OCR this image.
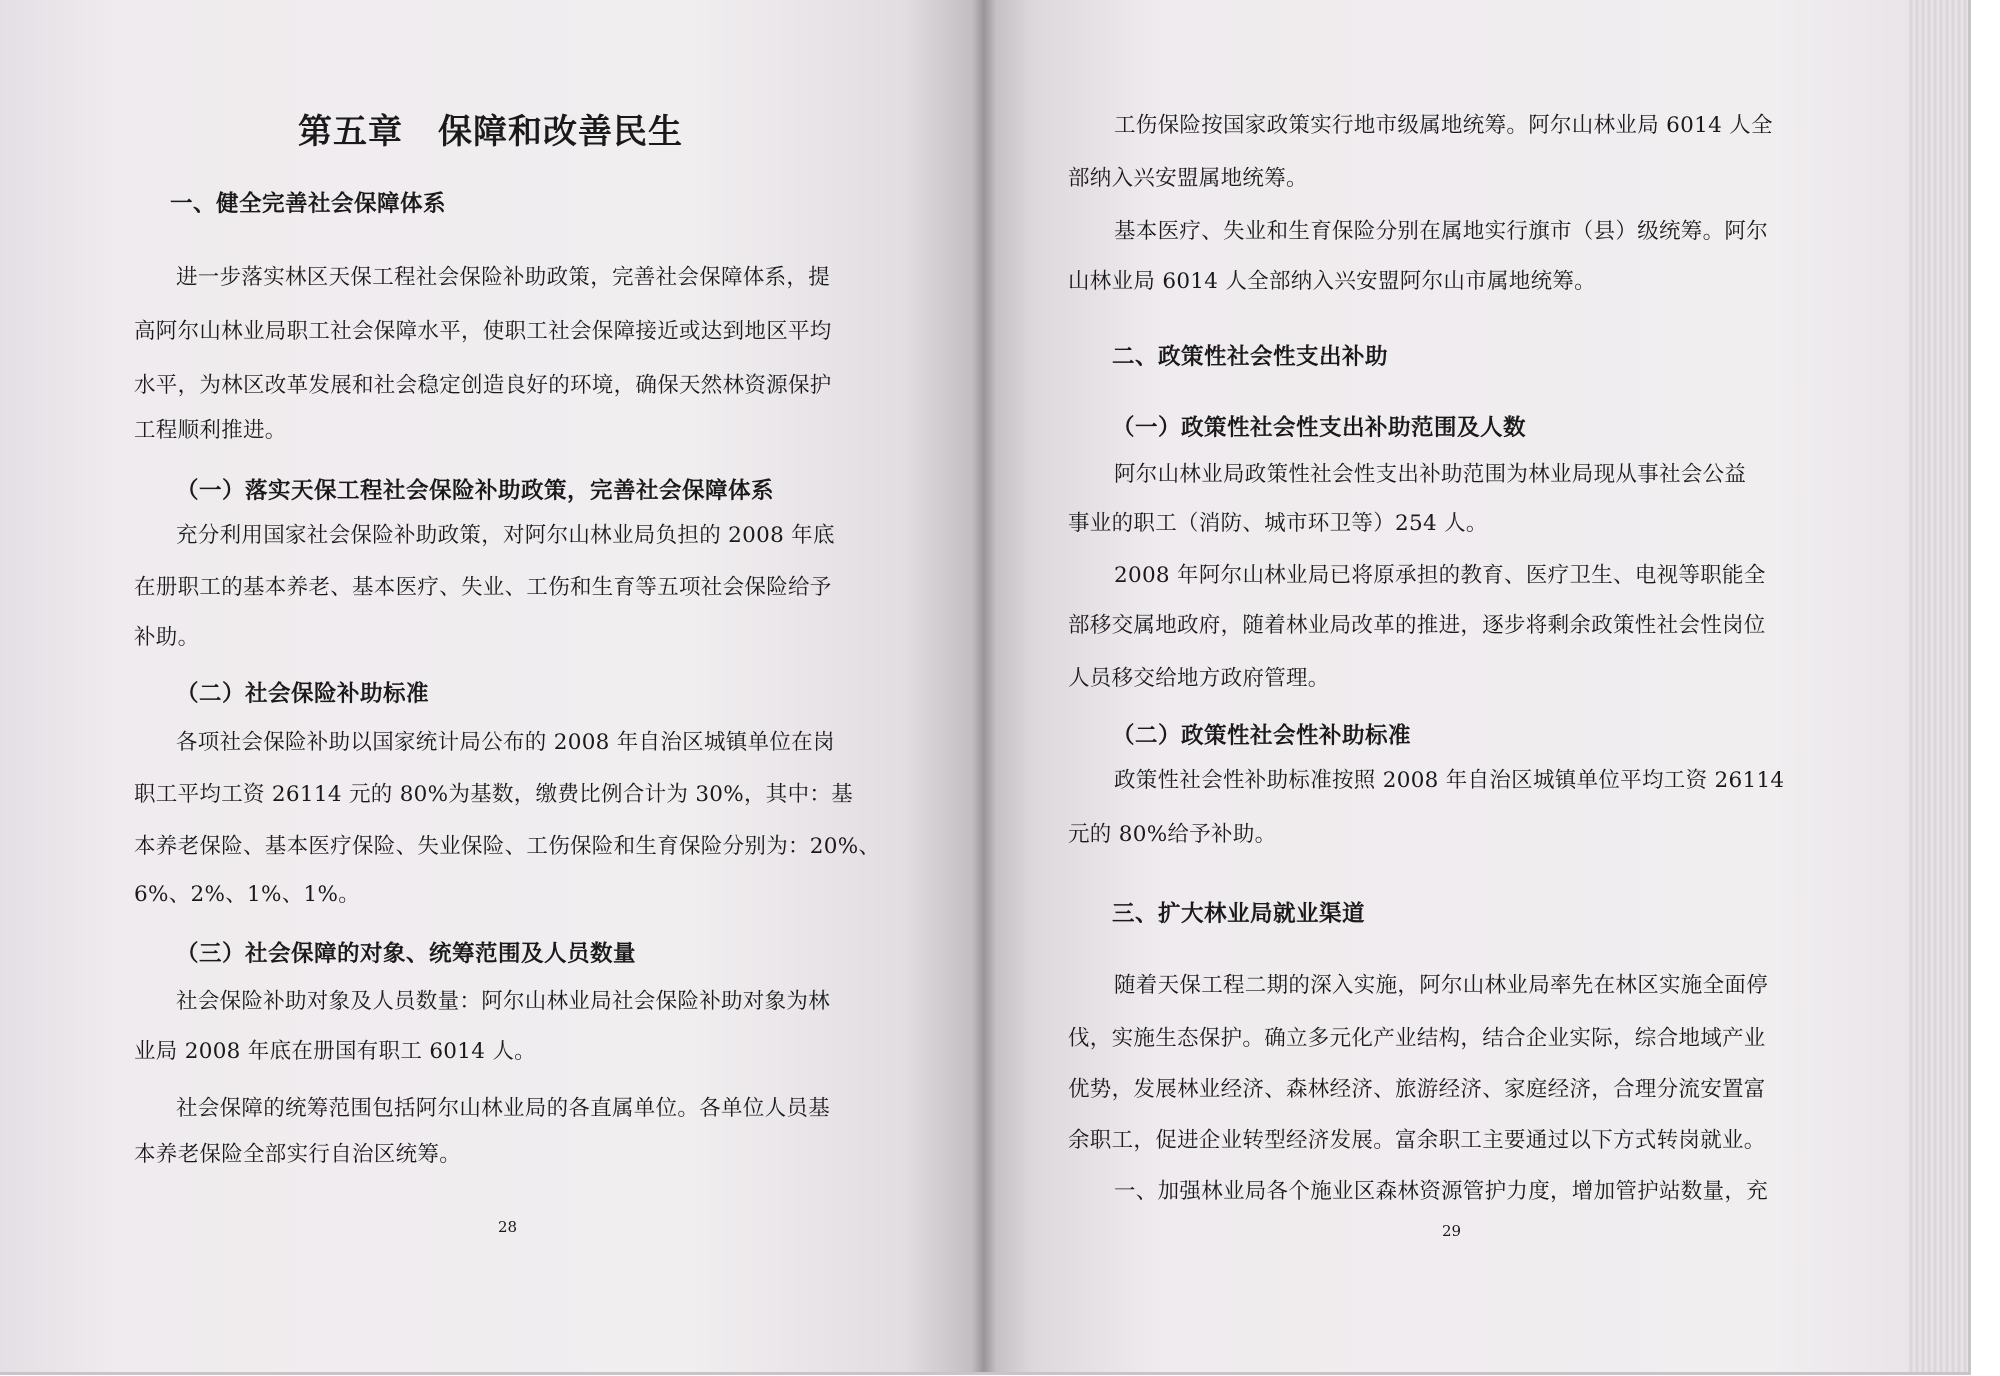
第五章　保障和改善民生
一、健全完善社会保障体系
进一步落实林区天保工程社会保险补助政策，完善社会保障体系，提
高阿尔山林业局职工社会保障水平，使职工社会保障接近或达到地区平均
水平，为林区改革发展和社会稳定创造良好的环境，确保天然林资源保护
工程顺利推进。
（一）落实天保工程社会保险补助政策，完善社会保障体系
充分利用国家社会保险补助政策，对阿尔山林业局负担的 2008 年底
在册职工的基本养老、基本医疗、失业、工伤和生育等五项社会保险给予
补助。
（二）社会保险补助标准
各项社会保险补助以国家统计局公布的 2008 年自治区城镇单位在岗
职工平均工资 26114 元的 80%为基数，缴费比例合计为 30%，其中：基
本养老保险、基本医疗保险、失业保险、工伤保险和生育保险分别为：20%、
6%、2%、1%、1%。
（三）社会保障的对象、统筹范围及人员数量
社会保险补助对象及人员数量：阿尔山林业局社会保险补助对象为林
业局 2008 年底在册国有职工 6014 人。
社会保障的统筹范围包括阿尔山林业局的各直属单位。各单位人员基
本养老保险全部实行自治区统筹。
28
工伤保险按国家政策实行地市级属地统筹。阿尔山林业局 6014 人全
部纳入兴安盟属地统筹。
基本医疗、失业和生育保险分别在属地实行旗市（县）级统筹。阿尔
山林业局 6014 人全部纳入兴安盟阿尔山市属地统筹。
二、政策性社会性支出补助
（一）政策性社会性支出补助范围及人数
阿尔山林业局政策性社会性支出补助范围为林业局现从事社会公益
事业的职工（消防、城市环卫等）254 人。
2008 年阿尔山林业局已将原承担的教育、医疗卫生、电视等职能全
部移交属地政府，随着林业局改革的推进，逐步将剩余政策性社会性岗位
人员移交给地方政府管理。
（二）政策性社会性补助标准
政策性社会性补助标准按照 2008 年自治区城镇单位平均工资 26114
元的 80%给予补助。
三、扩大林业局就业渠道
随着天保工程二期的深入实施，阿尔山林业局率先在林区实施全面停
伐，实施生态保护。确立多元化产业结构，结合企业实际，综合地域产业
优势，发展林业经济、森林经济、旅游经济、家庭经济，合理分流安置富
余职工，促进企业转型经济发展。富余职工主要通过以下方式转岗就业。
一、加强林业局各个施业区森林资源管护力度，增加管护站数量，充
29
